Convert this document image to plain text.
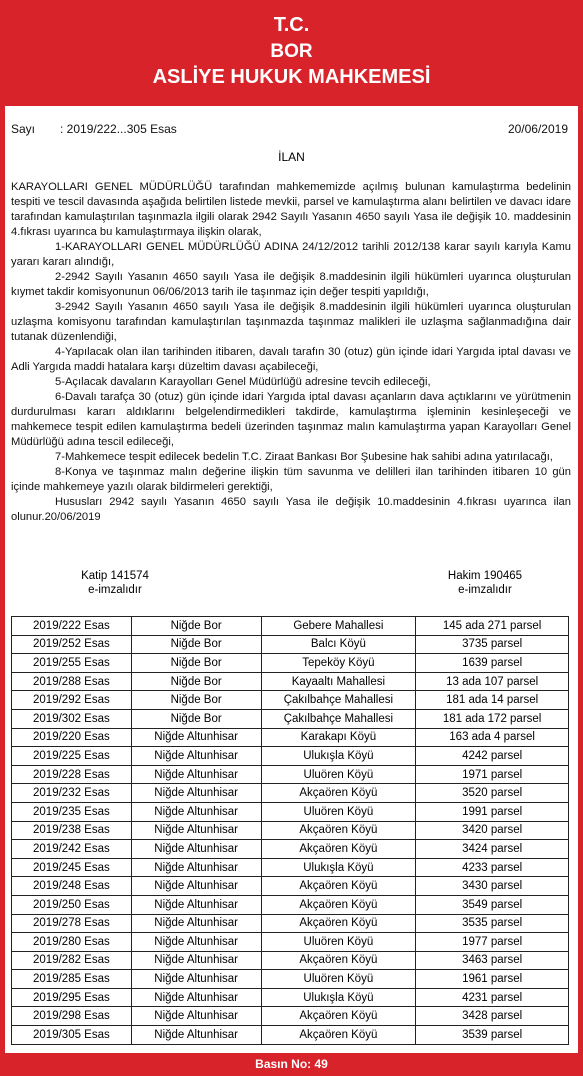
T.C.
BOR
ASLİYE HUKUK MAHKEMESİ
Sayı : 2019/222...305 Esas	20/06/2019
İLAN

KARAYOLLARI GENEL MÜDÜRLÜĞÜ tarafından mahkememizde açılmış bulunan kamulaştırma bedelinin tespiti ve tescil davasında aşağıda belirtilen listede mevkii, parsel ve kamulaştırma alanı belirtilen ve davacı idare tarafından kamulaştırılan taşınmazla ilgili olarak 2942 Sayılı Yasanın 4650 sayılı Yasa ile değişik 10. maddesinin 4.fıkrası uyarınca bu kamulaştırmaya ilişkin olarak,

1-KARAYOLLARI GENEL MÜDÜRLÜĞÜ ADINA 24/12/2012 tarihli 2012/138 karar sayılı karıyla Kamu yararı kararı alındığı,

2-2942 Sayılı Yasanın 4650 sayılı Yasa ile değişik 8.maddesinin ilgili hükümleri uyarınca oluşturulan kıymet takdir komisyonunun 06/06/2013 tarih ile taşınmaz için değer tespiti yapıldığı,

3-2942 Sayılı Yasanın 4650 sayılı Yasa ile değişik 8.maddesinin ilgili hükümleri uyarınca oluşturulan uzlaşma komisyonu tarafından kamulaştırılan taşınmazda taşınmaz malikleri ile uzlaşma sağlanmadığına dair tutanak düzenlendiği,

4-Yapılacak olan ilan tarihinden itibaren, davalı tarafın 30 (otuz) gün içinde idari Yargıda iptal davası ve Adli Yargıda maddi hatalara karşı düzeltim davası açabileceği,

5-Açılacak davaların Karayolları Genel Müdürlüğü adresine tevcih edileceği,

6-Davalı tarafça 30 (otuz) gün içinde idari Yargıda iptal davası açanların dava açtıklarını ve yürütmenin durdurulması kararı aldıklarını belgelendirmedikleri takdirde, kamulaştırma işleminin kesinleşeceği ve mahkemece tespit edilen kamulaştırma bedeli üzerinden taşınmaz malın kamulaştırma yapan Karayolları Genel Müdürlüğü adına tescil edileceği,

7-Mahkemece tespit edilecek bedelin T.C. Ziraat Bankası Bor Şubesine hak sahibi adına yatırılacağı,

8-Konya ve taşınmaz malın değerine ilişkin tüm savunma ve delilleri ilan tarihinden itibaren 10 gün içinde mahkemeye yazılı olarak bildirmeleri gerektiği,

Hususları 2942 sayılı Yasanın 4650 sayılı Yasa ile değişik 10.maddesinin 4.fıkrası uyarınca ilan olunur.20/06/2019

Katip 141574
e-imzalıdır
Hakim 190465
e-imzalıdır
2019/222 Esas	Niğde Bor	Gebere Mahallesi	145 ada 271 parsel
2019/252 Esas	Niğde Bor	Balcı Köyü	3735 parsel
2019/255 Esas	Niğde Bor	Tepeköy Köyü	1639 parsel
2019/288 Esas	Niğde Bor	Kayaaltı Mahallesi	13 ada 107 parsel
2019/292 Esas	Niğde Bor	Çakılbahçe Mahallesi	181 ada 14 parsel
2019/302 Esas	Niğde Bor	Çakılbahçe Mahallesi	181 ada 172 parsel
2019/220 Esas	Niğde Altunhisar	Karakapı Köyü	163 ada 4 parsel
2019/225 Esas	Niğde Altunhisar	Ulukışla Köyü	4242 parsel
2019/228 Esas	Niğde Altunhisar	Uluören Köyü	1971 parsel
2019/232 Esas	Niğde Altunhisar	Akçaören Köyü	3520 parsel
2019/235 Esas	Niğde Altunhisar	Uluören Köyü	1991 parsel
2019/238 Esas	Niğde Altunhisar	Akçaören Köyü	3420 parsel
2019/242 Esas	Niğde Altunhisar	Akçaören Köyü	3424 parsel
2019/245 Esas	Niğde Altunhisar	Ulukışla Köyü	4233 parsel
2019/248 Esas	Niğde Altunhisar	Akçaören Köyü	3430 parsel
2019/250 Esas	Niğde Altunhisar	Akçaören Köyü	3549 parsel
2019/278 Esas	Niğde Altunhisar	Akçaören Köyü	3535 parsel
2019/280 Esas	Niğde Altunhisar	Uluören Köyü	1977 parsel
2019/282 Esas	Niğde Altunhisar	Akçaören Köyü	3463 parsel
2019/285 Esas	Niğde Altunhisar	Uluören Köyü	1961 parsel
2019/295 Esas	Niğde Altunhisar	Ulukışla Köyü	4231 parsel
2019/298 Esas	Niğde Altunhisar	Akçaören Köyü	3428 parsel
2019/305 Esas	Niğde Altunhisar	Akçaören Köyü	3539 parsel
Basın No: 49
